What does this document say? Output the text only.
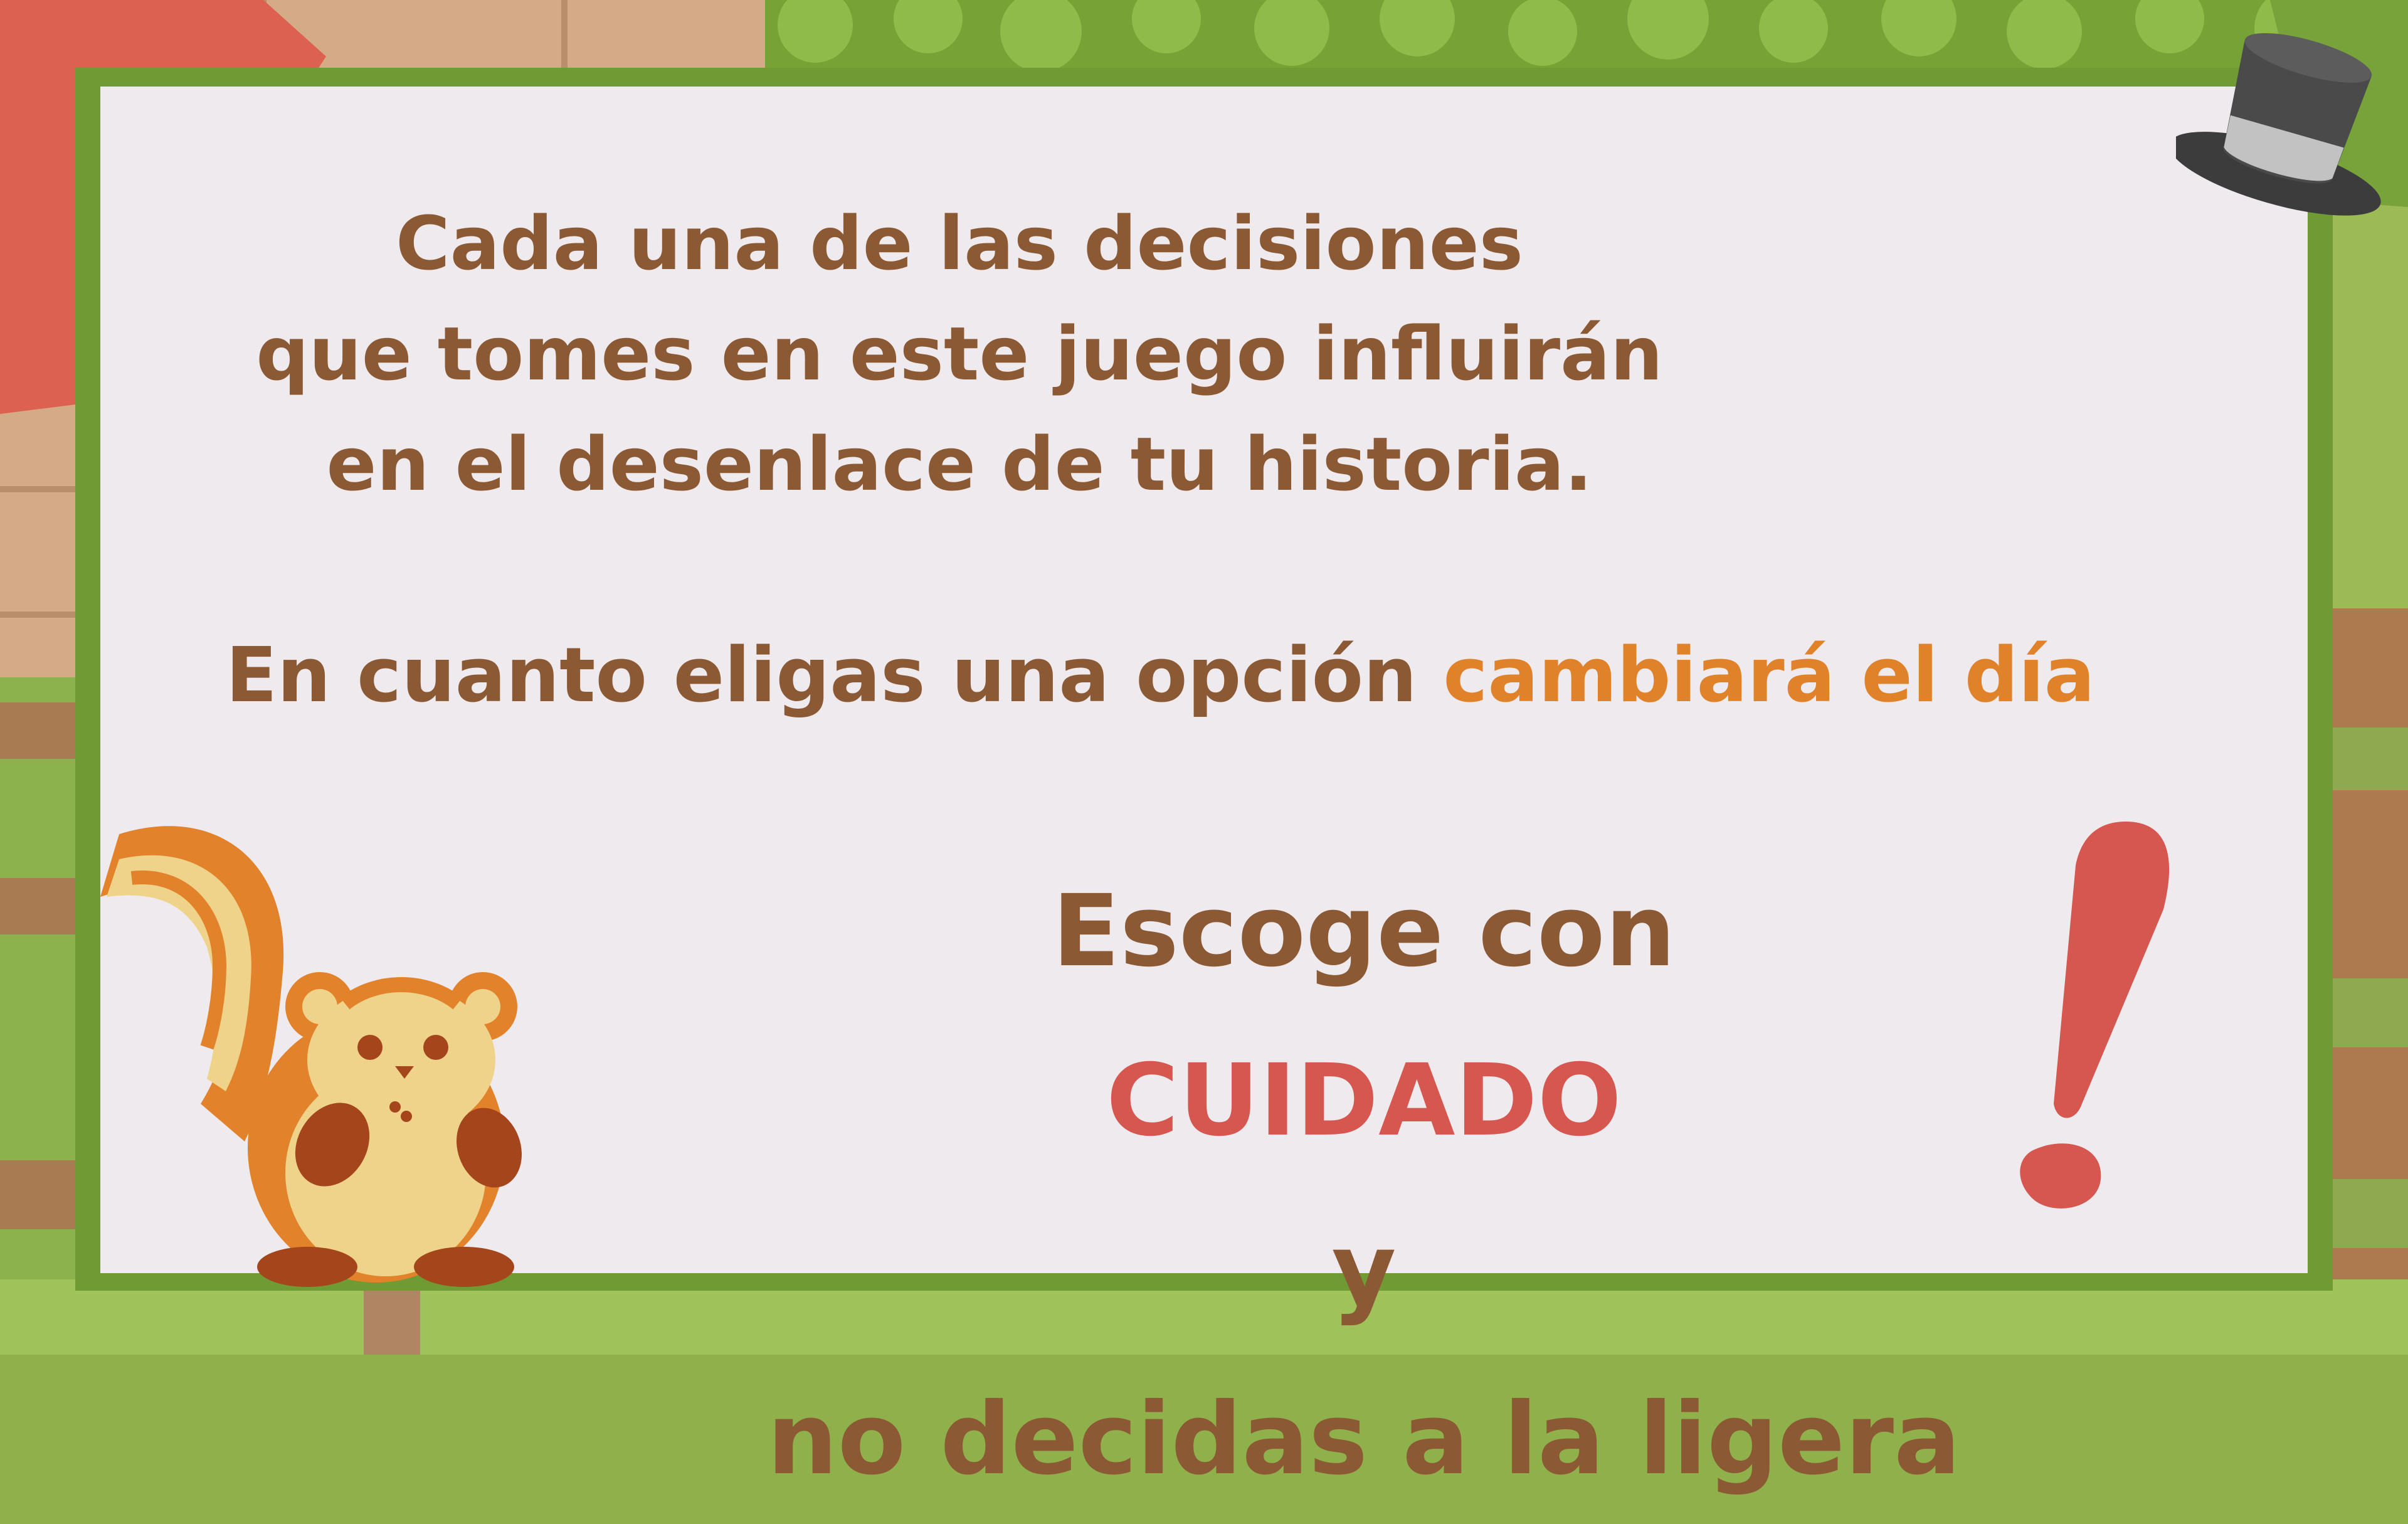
Cada una de las decisiones
que tomes en este juego influirán
en el desenlace de tu historia.

En cuanto eligas una opción cambiará el día

Escoge con
CUIDADO
y
no decidas a la ligera
